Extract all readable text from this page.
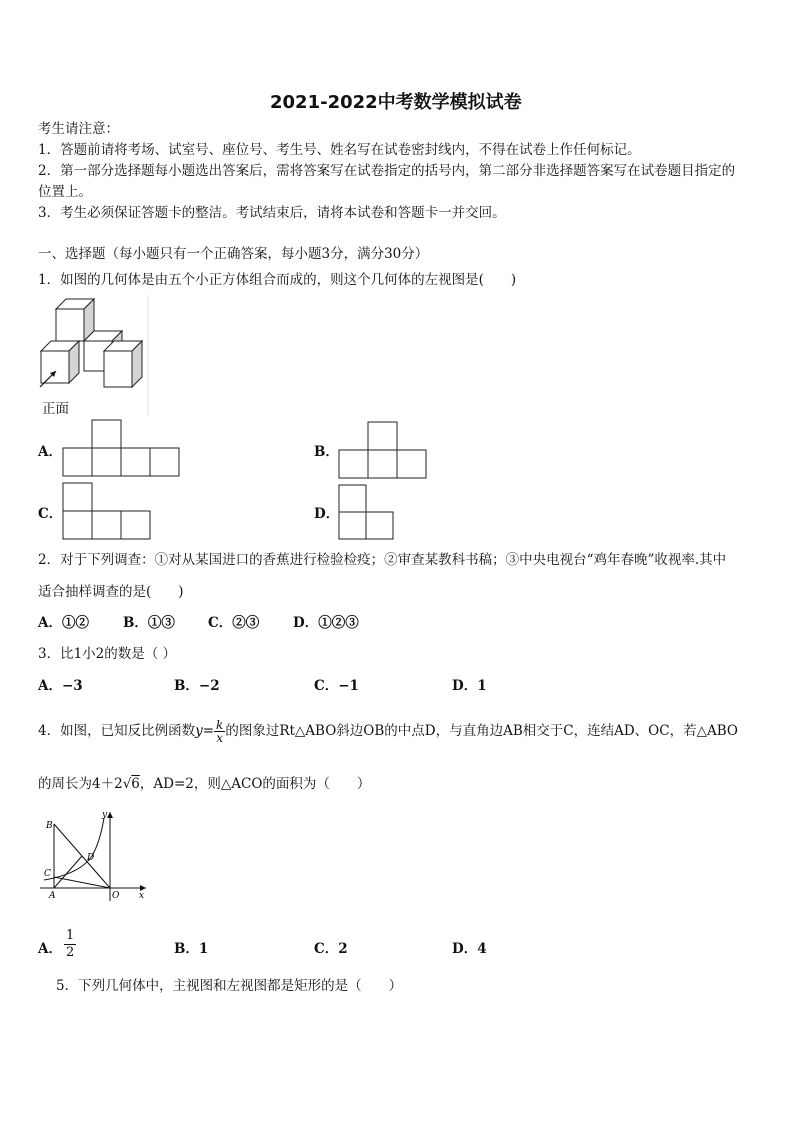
2021-2022中考数学模拟试卷
考生请注意：
1．答题前请将考场、试室号、座位号、考生号、姓名写在试卷密封线内，不得在试卷上作任何标记。
2．第一部分选择题每小题选出答案后，需将答案写在试卷指定的括号内，第二部分非选择题答案写在试卷题目指定的
位置上。
3．考生必须保证答题卡的整洁。考试结束后，请将本试卷和答题卡一并交回。
一、选择题（每小题只有一个正确答案，每小题3分，满分30分）
1．如图的几何体是由五个小正方体组合而成的，则这个几何体的左视图是(　　)
正面
A．	B．
C．	D．
2．对于下列调查：①对从某国进口的香蕉进行检验检疫；②审查某教科书稿；③中央电视台“鸡年春晚”收视率.其中
适合抽样调查的是(　　)
A．①②	B．①③ C．②③	D．①②③
3．比1小2的数是（ ）
A．−3	B．−2	C．−1	D．1
4．如图，已知反比例函数$y= \frac{k}{x}$ 的图象过Rt△ABO斜边OB的中点D，与直角边AB相交于C，连结AD、OC，若△ABO
的周长为4＋2√6，AD=2，则△ACO的面积为（　　）
B
y
D
C
A	O x
A． $\frac{1}{2}$	B．1	C．2	D．4
5．下列几何体中，主视图和左视图都是矩形的是（　　）
